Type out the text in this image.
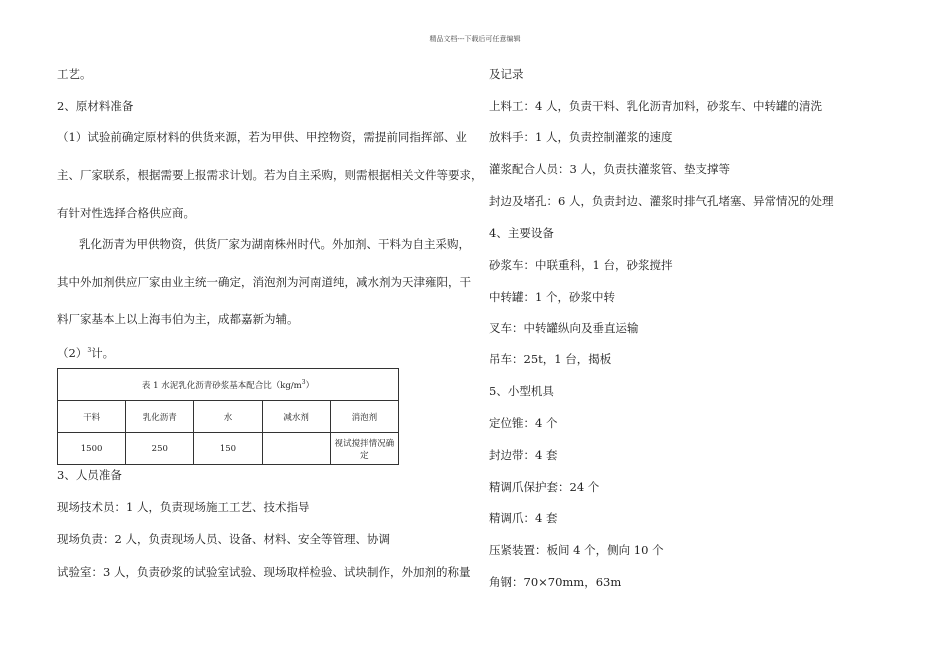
精品文档---下载后可任意编辑
工艺。
2、原材料准备
（1）试验前确定原材料的供货来源，若为甲供、甲控物资，需提前同指挥部、业
主、厂家联系，根据需要上报需求计划。若为自主采购，则需根据相关文件等要求，
有针对性选择合格供应商。
乳化沥青为甲供物资，供货厂家为湖南株州时代。外加剂、干料为自主采购，
其中外加剂供应厂家由业主统一确定，消泡剂为河南道纯，减水剂为天津雍阳，干
料厂家基本上以上海韦伯为主，成都嘉新为辅。
$(2)^3$计。
表 1 水泥乳化沥青砂浆基本配合比$(kg/m^3)$				
干料	乳化沥青	水	减水剂	消泡剂
1500	250	150		视试搅拌情况确定
3、人员准备
现场技术员：1 人，负责现场施工工艺、技术指导
现场负责：2 人，负责现场人员、设备、材料、安全等管理、协调
试验室：3 人，负责砂浆的试验室试验、现场取样检验、试块制作，外加剂的称量
及记录
上料工：4 人，负责干料、乳化沥青加料，砂浆车、中转罐的清洗
放料手：1 人，负责控制灌浆的速度
灌浆配合人员：3 人，负责扶灌浆管、垫支撑等
封边及堵孔：6 人，负责封边、灌浆时排气孔堵塞、异常情况的处理
4、主要设备
砂浆车：中联重科，1 台，砂浆搅拌
中转罐：1 个，砂浆中转
叉车：中转罐纵向及垂直运输
吊车：25t，1 台，揭板
5、小型机具
定位锥：4 个
封边带：4 套
精调爪保护套：24 个
精调爪：4 套
压紧装置：板间 4 个，侧向 10 个
角钢：70×70mm，63m
